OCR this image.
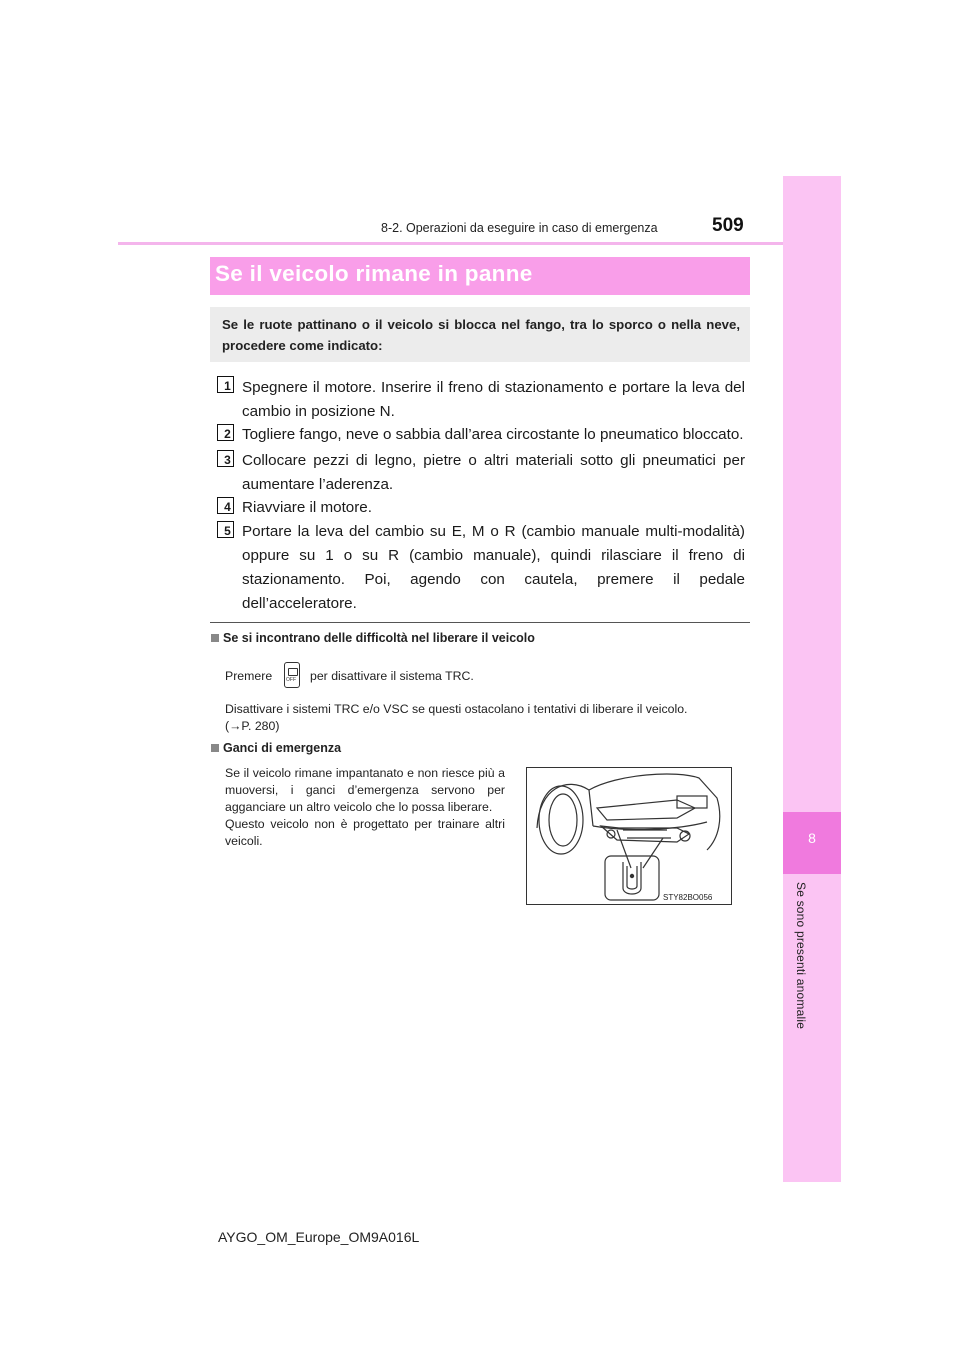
8
Se sono presenti anomalie
8-2. Operazioni da eseguire in caso di emergenza	509
Se il veicolo rimane in panne
Se le ruote pattinano o il veicolo si blocca nel fango, tra lo sporco o nella neve, procedere come indicato:
1 Spegnere il motore. Inserire il freno di stazionamento e portare la leva del cambio in posizione N.
2 Togliere fango, neve o sabbia dall’area circostante lo pneumatico bloccato.
3 Collocare pezzi di legno, pietre o altri materiali sotto gli pneumatici per aumentare l’aderenza.
4 Riavviare il motore.
5 Portare la leva del cambio su E, M o R (cambio manuale multi-modalità) oppure su 1 o su R (cambio manuale), quindi rilasciare il freno di stazionamento. Poi, agendo con cautela, premere il pedale dell’acceleratore.
Se si incontrano delle difficoltà nel liberare il veicolo
Premere
OFF	per disattivare il sistema TRC.
Disattivare i sistemi TRC e/o VSC se questi ostacolano i tentativi di liberare il veicolo.
(→P. 280)
Ganci di emergenza
Se il veicolo rimane impantanato e non riesce più a muoversi, i ganci d’emergenza servono per agganciare un altro veicolo che lo possa liberare.
Questo veicolo non è progettato per trainare altri veicoli.
STY82BO056
AYGO_OM_Europe_OM9A016L
